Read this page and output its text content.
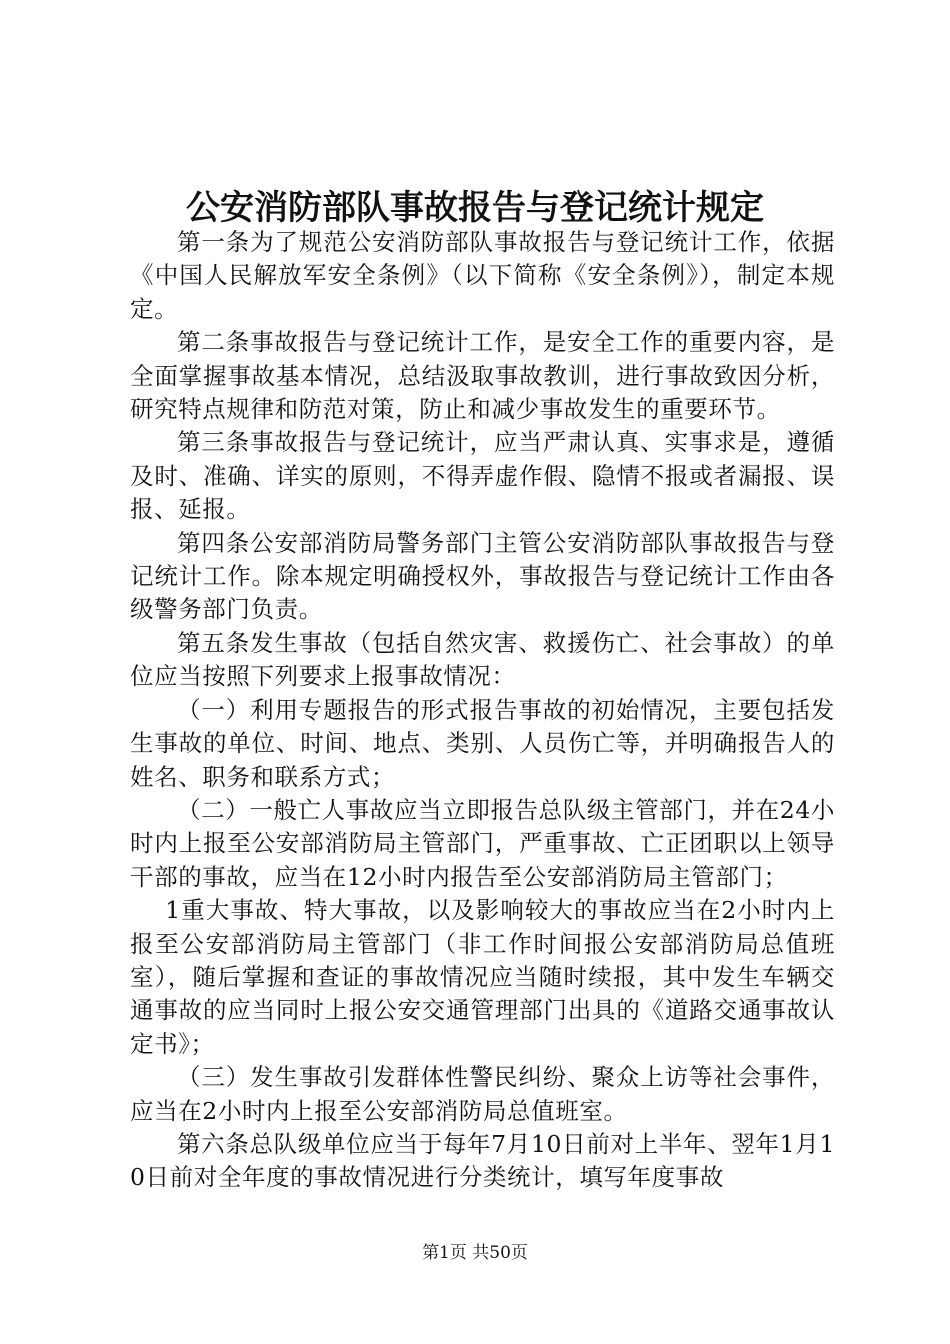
公安消防部队事故报告与登记统计规定

第一条为了规范公安消防部队事故报告与登记统计工作，依据《中国人民解放军安全条例》（以下简称《安全条例》），制定本规定。

第二条事故报告与登记统计工作，是安全工作的重要内容，是全面掌握事故基本情况，总结汲取事故教训，进行事故致因分析，研究特点规律和防范对策，防止和减少事故发生的重要环节。

第三条事故报告与登记统计，应当严肃认真、实事求是，遵循及时、准确、详实的原则，不得弄虚作假、隐情不报或者漏报、误报、延报。

第四条公安部消防局警务部门主管公安消防部队事故报告与登记统计工作。除本规定明确授权外，事故报告与登记统计工作由各级警务部门负责。

第五条发生事故（包括自然灾害、救援伤亡、社会事故）的单位应当按照下列要求上报事故情况：

（一）利用专题报告的形式报告事故的初始情况，主要包括发生事故的单位、时间、地点、类别、人员伤亡等，并明确报告人的姓名、职务和联系方式；

（二）一般亡人事故应当立即报告总队级主管部门，并在24小时内上报至公安部消防局主管部门，严重事故、亡正团职以上领导干部的事故，应当在12小时内报告至公安部消防局主管部门；

1重大事故、特大事故，以及影响较大的事故应当在2小时内上报至公安部消防局主管部门（非工作时间报公安部消防局总值班室），随后掌握和查证的事故情况应当随时续报，其中发生车辆交通事故的应当同时上报公安交通管理部门出具的《道路交通事故认定书》；

（三）发生事故引发群体性警民纠纷、聚众上访等社会事件，应当在2小时内上报至公安部消防局总值班室。

第六条总队级单位应当于每年7月10日前对上半年、翌年1月10日前对全年度的事故情况进行分类统计，填写年度事故

第1页 共50页
